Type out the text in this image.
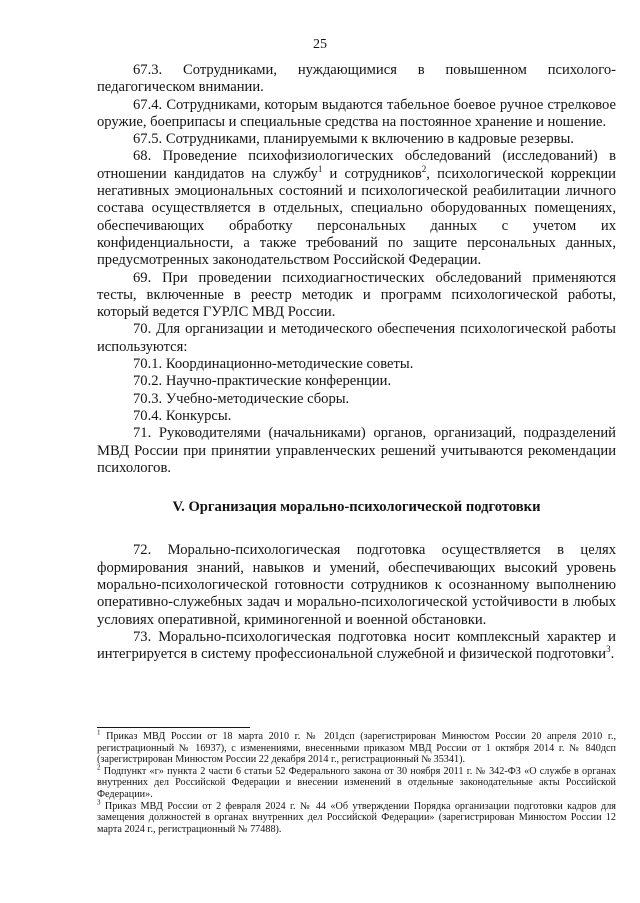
25

67.3. Сотрудниками, нуждающимися в повышенном психолого-педагогическом внимании.

67.4. Сотрудниками, которым выдаются табельное боевое ручное стрелковое оружие, боеприпасы и специальные средства на постоянное хранение и ношение.

67.5. Сотрудниками, планируемыми к включению в кадровые резервы.

68. Проведение психофизиологических обследований (исследований) в отношении кандидатов на службу$^1$ и сотрудников$^2$, психологической коррекции негативных эмоциональных состояний и психологической реабилитации личного состава осуществляется в отдельных, специально оборудованных помещениях, обеспечивающих обработку персональных данных с учетом их конфиденциальности, а также требований по защите персональных данных, предусмотренных законодательством Российской Федерации.

69. При проведении психодиагностических обследований применяются тесты, включенные в реестр методик и программ психологической работы, который ведется ГУРЛС МВД России.

70. Для организации и методического обеспечения психологической работы используются:

70.1. Координационно-методические советы.

70.2. Научно-практические конференции.

70.3. Учебно-методические сборы.

70.4. Конкурсы.

71. Руководителями (начальниками) органов, организаций, подразделений МВД России при принятии управленческих решений учитываются рекомендации психологов.

V. Организация морально-психологической подготовки

72. Морально-психологическая подготовка осуществляется в целях формирования знаний, навыков и умений, обеспечивающих высокий уровень морально-психологической готовности сотрудников к осознанному выполнению оперативно-служебных задач и морально-психологической устойчивости в любых условиях оперативной, криминогенной и военной обстановки.

73. Морально-психологическая подготовка носит комплексный характер и интегрируется в систему профессиональной служебной и физической подготовки$^3$.

$^1$ Приказ МВД России от 18 марта 2010 г. № 201дсп (зарегистрирован Минюстом России 20 апреля 2010 г., регистрационный № 16937), с изменениями, внесенными приказом МВД России от 1 октября 2014 г. № 840дсп (зарегистрирован Минюстом России 22 декабря 2014 г., регистрационный № 35341).

$^2$ Подпункт «г» пункта 2 части 6 статьи 52 Федерального закона от 30 ноября 2011 г. № 342-ФЗ «О службе в органах внутренних дел Российской Федерации и внесении изменений в отдельные законодательные акты Российской Федерации».

$^3$ Приказ МВД России от 2 февраля 2024 г. № 44 «Об утверждении Порядка организации подготовки кадров для замещения должностей в органах внутренних дел Российской Федерации» (зарегистрирован Минюстом России 12 марта 2024 г., регистрационный № 77488).
